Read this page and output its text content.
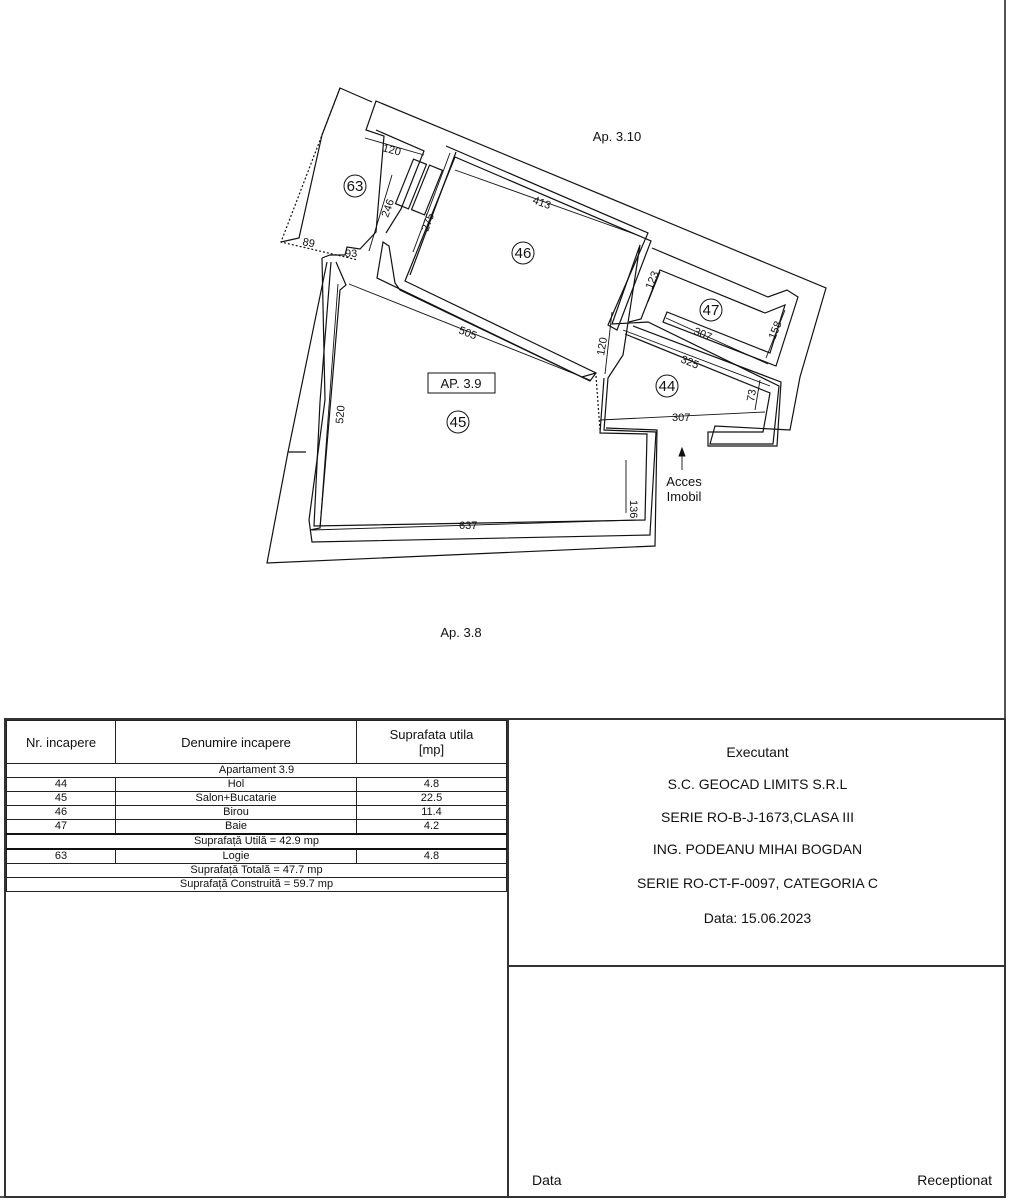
120
246
275
413
89
93
123
307	158
505
120
325
73
520	307
136
637
63
46
47
44
45
AP. 3.9
Ap. 3.10
Ap. 3.8
Acces
Imobil
Nr. incapere	Denumire incapere	Suprafata utila
[mp]
Apartament 3.9		
44	Hol	4.8
45	Salon+Bucatarie	22.5
46	Birou	11.4
47	Baie	4.2
Suprafață Utilă = 42.9 mp		
63	Logie	4.8
Suprafață Totală = 47.7 mp		
Suprafață Construită = 59.7 mp		
Executant
S.C. GEOCAD LIMITS S.R.L
SERIE RO-B-J-1673,CLASA III
ING. PODEANU MIHAI BOGDAN
SERIE RO-CT-F-0097, CATEGORIA C
Data: 15.06.2023
Data	Receptionat
